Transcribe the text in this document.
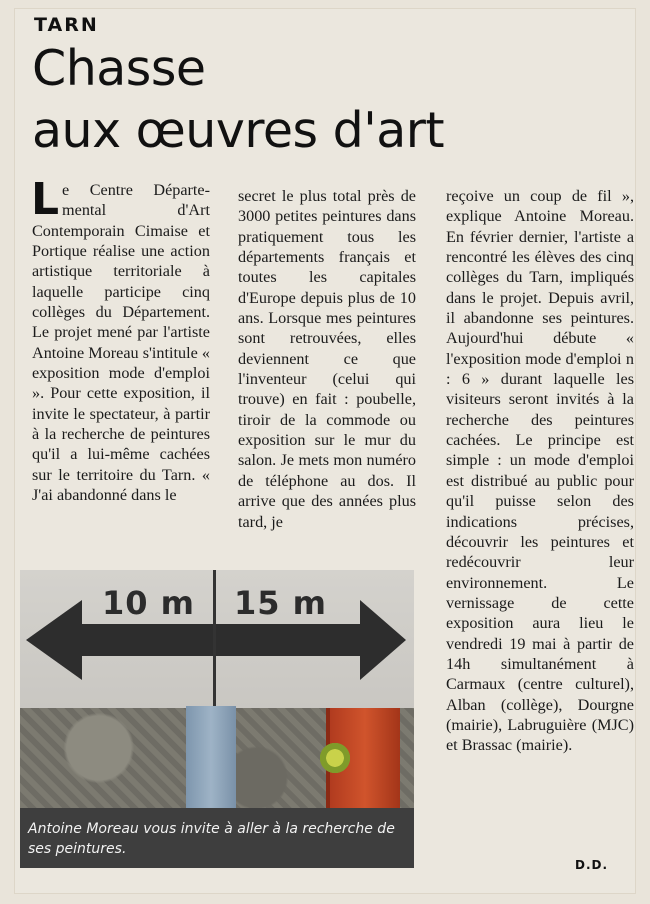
TARN
Chasse
aux œuvres d'art
L e Centre Départe-mental d'Art Contemporain Cimaise et Portique réalise une action artistique territoriale à laquelle participe cinq collèges du Département. Le projet mené par l'artiste Antoine Moreau s'intitule « exposition mode d'emploi ». Pour cette exposition, il invite le spectateur, à partir à la recherche de peintures qu'il a lui-même cachées sur le territoire du Tarn. « J'ai abandonné dans le

secret le plus total près de 3000 petites peintures dans pratiquement tous les départements français et toutes les capitales d'Europe depuis plus de 10 ans. Lorsque mes peintures sont retrouvées, elles deviennent ce que l'inventeur (celui qui trouve) en fait : poubelle, tiroir de la commode ou exposition sur le mur du salon. Je mets mon numéro de téléphone au dos. Il arrive que des années plus tard, je

reçoive un coup de fil », explique Antoine Moreau. En février dernier, l'artiste a rencontré les élèves des cinq collèges du Tarn, impliqués dans le projet. Depuis avril, il abandonne ses peintures. Aujourd'hui débute « l'exposition mode d'emploi n : 6 » durant laquelle les visiteurs seront invités à la recherche des peintures cachées. Le principe est simple : un mode d'emploi est distribué au public pour qu'il puisse selon des indications précises, découvrir les peintures et redécouvrir leur environnement. Le vernissage de cette exposition aura lieu le vendredi 19 mai à partir de 14h simultanément à Carmaux (centre culturel), Alban (collège), Dourgne (mairie), Labruguière (MJC) et Brassac (mairie).

10 m 15 m
Antoine Moreau vous invite à aller à la recherche de ses peintures.
D.D.
